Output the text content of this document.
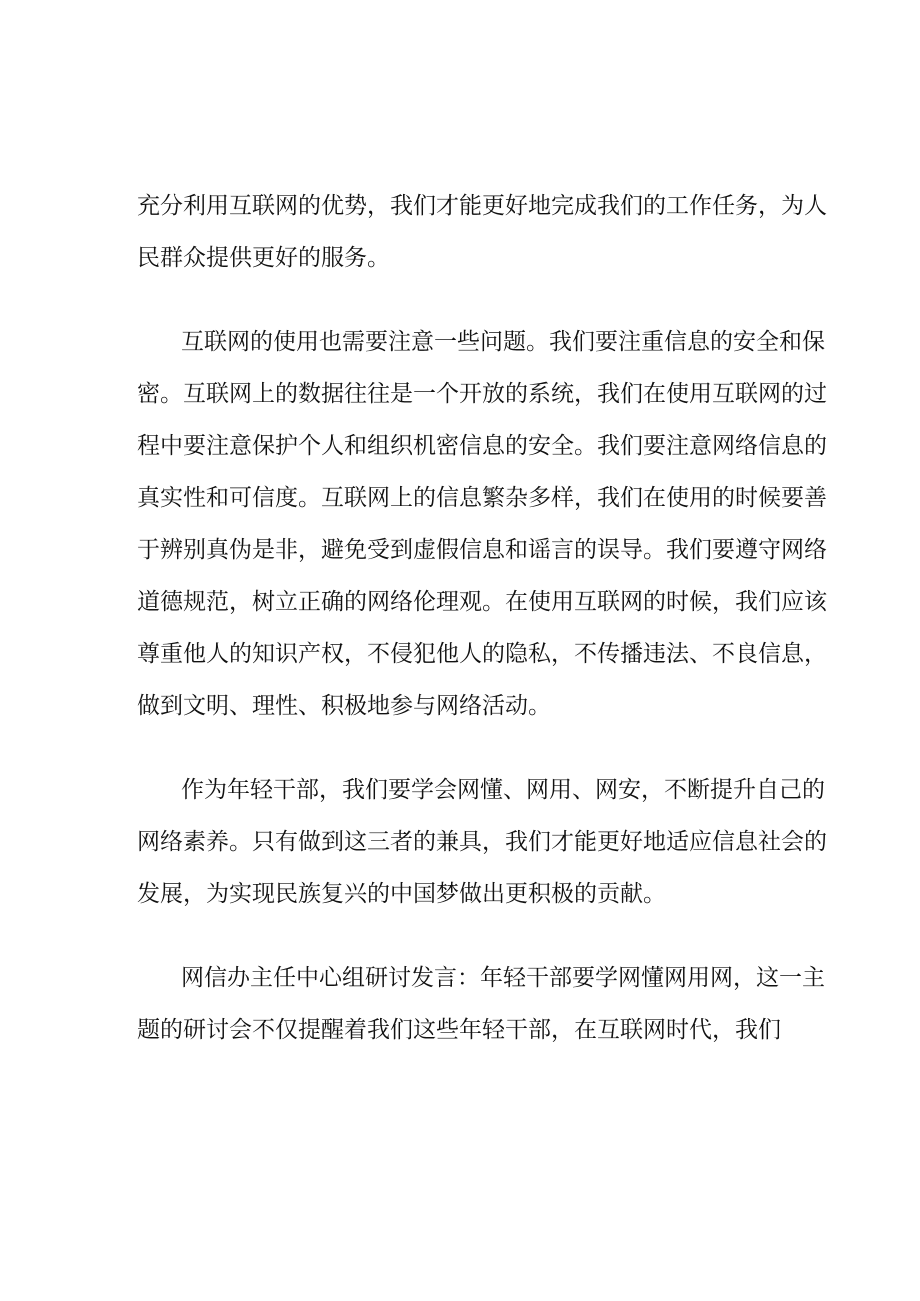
充分利用互联网的优势，我们才能更好地完成我们的工作任务，为人
民群众提供更好的服务。
互联网的使用也需要注意一些问题。我们要注重信息的安全和保
密。互联网上的数据往往是一个开放的系统，我们在使用互联网的过
程中要注意保护个人和组织机密信息的安全。我们要注意网络信息的
真实性和可信度。互联网上的信息繁杂多样，我们在使用的时候要善
于辨别真伪是非，避免受到虚假信息和谣言的误导。我们要遵守网络
道德规范，树立正确的网络伦理观。在使用互联网的时候，我们应该
尊重他人的知识产权，不侵犯他人的隐私，不传播违法、不良信息，
做到文明、理性、积极地参与网络活动。
作为年轻干部，我们要学会网懂、网用、网安，不断提升自己的
网络素养。只有做到这三者的兼具，我们才能更好地适应信息社会的
发展，为实现民族复兴的中国梦做出更积极的贡献。
网信办主任中心组研讨发言：年轻干部要学网懂网用网，这一主
题的研讨会不仅提醒着我们这些年轻干部，在互联网时代，我们
